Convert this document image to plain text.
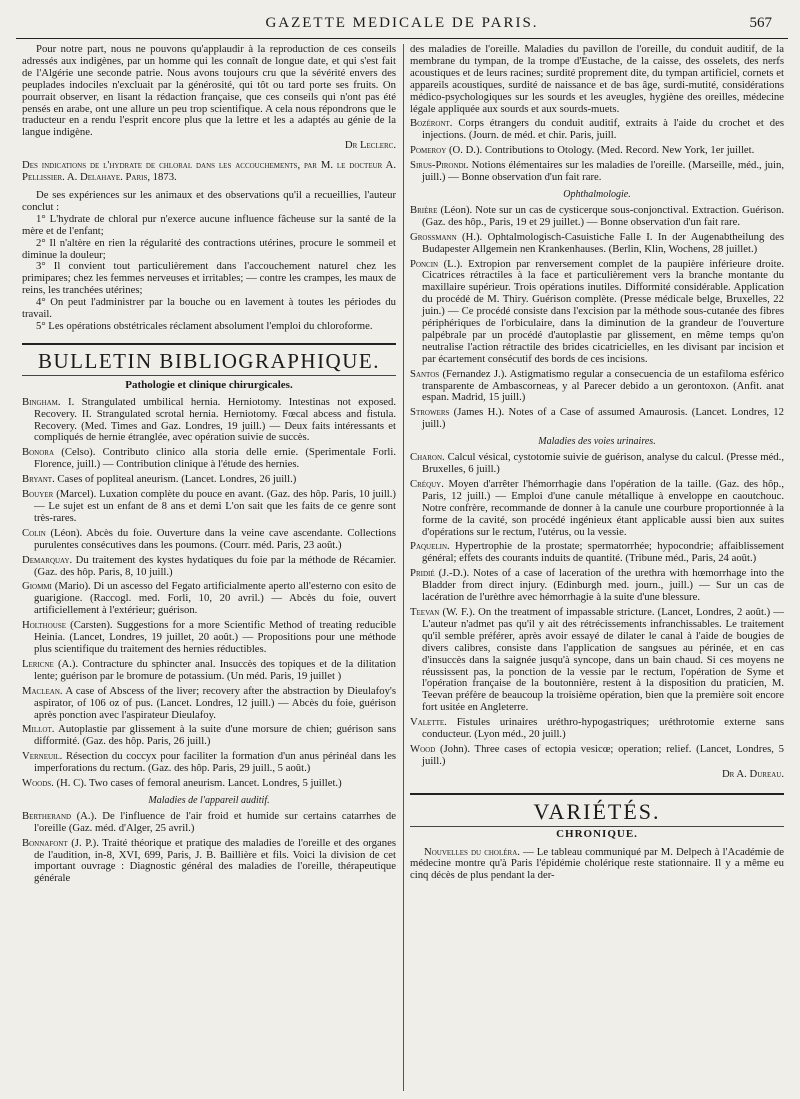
GAZETTE MEDICALE DE PARIS.	567

Pour notre part, nous ne pouvons qu'applaudir à la reproduction de ces conseils adressés aux indigènes, par un homme qui les connaît de longue date, et qui s'est fait de l'Algérie une seconde patrie. Nous avons toujours cru que la sévérité envers des peuplades indociles n'excluait par la générosité, qui tôt ou tard porte ses fruits. On pourrait observer, en lisant la rédaction française, que ces conseils qui n'ont pas été pensés en arabe, ont une allure un peu trop scientifique. A cela nous répondrons que le traducteur en a rendu l'esprit encore plus que la lettre et les a adaptés au génie de la langue indigène.

Dr Leclerc.

Des indications de l'hydrate de chloral dans les accouchements, par M. le docteur A. Pellissier. A. Delahaye. Paris, 1873.

De ses expériences sur les animaux et des observations qu'il a recueillies, l'auteur conclut :

1° L'hydrate de chloral pur n'exerce aucune influence fâcheuse sur la santé de la mère et de l'enfant;

2° Il n'altère en rien la régularité des contractions utérines, procure le sommeil et diminue la douleur;

3° Il convient tout particulièrement dans l'accouchement naturel chez les primipares; chez les femmes nerveuses et irritables; — contre les crampes, les maux de reins, les tranchées utérines;

4° On peut l'administrer par la bouche ou en lavement à toutes les périodes du travail.

5° Les opérations obstétricales réclament absolument l'emploi du chloroforme.

BULLETIN BIBLIOGRAPHIQUE.

Pathologie et clinique chirurgicales.

Bingham. I. Strangulated umbilical hernia. Herniotomy. Intestinas not exposed. Recovery. II. Strangulated scrotal hernia. Herniotomy. Fœcal abcess and fistula. Recovery. (Med. Times and Gaz. Londres, 19 juill.) — Deux faits intéressants et compliqués de hernie étranglée, avec opération suivie de succès.

Bonora (Celso). Contributo clinico alla storia delle ernie. (Sperimentale Forli. Florence, juill.) — Contribution clinique à l'étude des hernies.

Bryant. Cases of popliteal aneurism. (Lancet. Londres, 26 juill.)

Bouyer (Marcel). Luxation complète du pouce en avant. (Gaz. des hôp. Paris, 10 juill.) — Le sujet est un enfant de 8 ans et demi L'on sait que les faits de ce genre sont très-rares.

Colin (Léon). Abcès du foie. Ouverture dans la veine cave ascendante. Collections purulentes consécutives dans les poumons. (Courr. méd. Paris, 23 août.)

Demarquay. Du traitement des kystes hydatiques du foie par la méthode de Récamier. (Gaz. des hôp. Paris, 8, 10 juill.)

Giommi (Mario). Di un ascesso del Fegato artificialmente aperto all'esterno con esito de guarigione. (Raccogl. med. Forli, 10, 20 avril.) — Abcès du foie, ouvert artificiellement à l'extérieur; guérison.

Holthouse (Carsten). Suggestions for a more Scientific Method of treating reducible Heinia. (Lancet, Londres, 19 juillet, 20 août.) — Propositions pour une méthode plus scientifique du traitement des hernies réductibles.

Lericne (A.). Contracture du sphincter anal. Insuccès des topiques et de la dilitation lente; guérison par le bromure de potassium. (Un méd. Paris, 19 juillet )

Maclean. A case of Abscess of the liver; recovery after the abstraction by Dieulafoy's aspirator, of 106 oz of pus. (Lancet. Londres, 12 juill.) — Abcès du foie, guérison après ponction avec l'aspirateur Dieulafoy.

Millot. Autoplastie par glissement à la suite d'une morsure de chien; guérison sans difformité. (Gaz. des hôp. Paris, 26 juill.)

Verneuil. Résection du coccyx pour faciliter la formation d'un anus périnéal dans les imperforations du rectum. (Gaz. des hôp. Paris, 29 juill., 5 août.)

Woods. (H. C). Two cases of femoral aneurism. Lancet. Londres, 5 juillet.)

Maladies de l'appareil auditif.

Bertherand (A.). De l'influence de l'air froid et humide sur certains catarrhes de l'oreille (Gaz. méd. d'Alger, 25 avril.)

Bonnafont (J. P.). Traité théorique et pratique des maladies de l'oreille et des organes de l'audition, in-8, XVI, 699, Paris, J. B. Baillière et fils. Voici la division de cet important ouvrage : Diagnostic général des maladies de l'oreille, thérapeutique générale

des maladies de l'oreille. Maladies du pavillon de l'oreille, du conduit auditif, de la membrane du tympan, de la trompe d'Eustache, de la caisse, des osselets, des nerfs acoustiques et de leurs racines; surdité proprement dite, du tympan artificiel, cornets et appareils acoustiques, surdité de naissance et de bas âge, surdi-mutité, considérations médico-psychologiques sur les sourds et les aveugles, hygiène des oreilles, médecine légale appliquée aux sourds et aux sourds-muets.

Bozéront. Corps étrangers du conduit auditif, extraits à l'aide du crochet et des injections. (Journ. de méd. et chir. Paris, juill.

Pomeroy (O. D.). Contributions to Otology. (Med. Record. New York, 1er juillet.

Sirus-Pirondi. Notions élémentaires sur les maladies de l'oreille. (Marseille, méd., juin, juill.) — Bonne observation d'un fait rare.

Ophthalmologie.

Brière (Léon). Note sur un cas de cysticerque sous-conjonctival. Extraction. Guérison. (Gaz. des hôp., Paris, 19 et 29 juillet.) — Bonne observation d'un fait rare.

Grossmann (H.). Ophtalmologisch-Casuistiche Falle I. In der Augenabtheilung des Budapester Allgemein nen Krankenhauses. (Berlin, Klin, Wochens, 28 juillet.)

Poncin (L.). Extropion par renversement complet de la paupière inférieure droite. Cicatrices rétractiles à la face et particulièrement vers la branche montante du maxillaire supérieur. Trois opérations inutiles. Difformité considérable. Application du procédé de M. Thiry. Guérison complète. (Presse médicale belge, Bruxelles, 22 juin.) — Ce procédé consiste dans l'excision par la méthode sous-cutanée des fibres périphériques de l'orbiculaire, dans la diminution de la grandeur de l'ouverture palpébrale par un procédé d'autoplastie par glissement, en même temps qu'on neutralise l'action rétractile des brides cicatricielles, en les divisant par incision et par écartement consécutif des bords de ces incisions.

Santos (Fernandez J.). Astigmatismo regular a consecuencia de un estafiloma esférico transparente de Ambascorneas, y al Parecer debido a un gerontoxon. (Anfit. anat espan. Madrid, 15 juill.)

Strowers (James H.). Notes of a Case of assumed Amaurosis. (Lancet. Londres, 12 juill.)

Maladies des voies urinaires.

Charon. Calcul vésical, cystotomie suivie de guérison, analyse du calcul. (Presse méd., Bruxelles, 6 juill.)

Créquy. Moyen d'arrêter l'hémorrhagie dans l'opération de la taille. (Gaz. des hôp., Paris, 12 juill.) — Emploi d'une canule métallique à enveloppe en caoutchouc. Notre confrère, recommande de donner à la canule une courbure proportionnée à la forme de la cavité, son procédé ingénieux étant applicable aussi bien aux suites d'opérations sur le rectum, l'utérus, ou la vessie.

Paquelin. Hypertrophie de la prostate; spermatorrhée; hypocondrie; affaiblissement général; effets des courants induits de quantité. (Tribune méd., Paris, 24 août.)

Pridié (J.-D.). Notes of a case of laceration of the urethra with hœmorrhage into the Bladder from direct injury. (Edinburgh med. journ., juill.) — Sur un cas de lacération de l'urèthre avec hémorrhagie à la suite d'une blessure.

Teevan (W. F.). On the treatment of impassable stricture. (Lancet, Londres, 2 août.) — L'auteur n'admet pas qu'il y ait des rétrécissements infranchissables. Le traitement qu'il semble préférer, après avoir essayé de dilater le canal à l'aide de bougies de divers calibres, consiste dans l'application de sangsues au périnée, et en cas d'insuccès dans la saignée jusqu'à syncope, dans un bain chaud. Si ces moyens ne réussissent pas, la ponction de la vessie par le rectum, l'opération de Syme et l'opération française de la boutonnière, restent à la disposition du praticien, M. Teevan préfère de beaucoup la troisième opération, bien que la première soit encore fort usitée en Angleterre.

Valette. Fistules urinaires uréthro-hypogastriques; uréthrotomie externe sans conducteur. (Lyon méd., 20 juill.)

Wood (John). Three cases of ectopia vesicœ; operation; relief. (Lancet, Londres, 5 juill.)

Dr A. Dureau.

VARIÉTÉS.

CHRONIQUE.

Nouvelles du choléra. — Le tableau communiqué par M. Delpech à l'Académie de médecine montre qu'à Paris l'épidémie cholérique reste stationnaire. Il y a même eu cinq décès de plus pendant la der-
